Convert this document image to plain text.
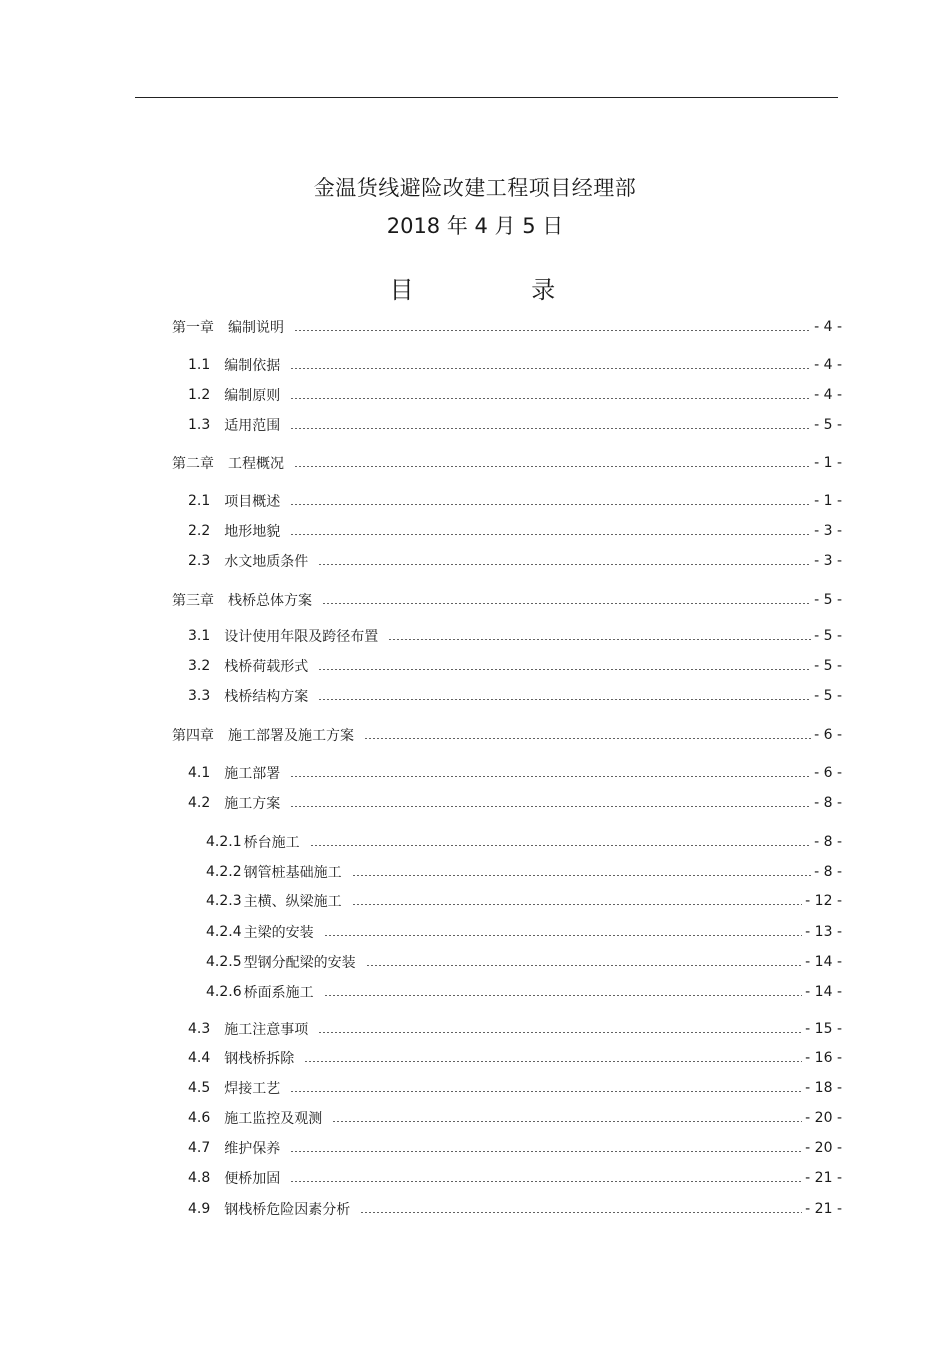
金温货线避险改建工程项目经理部
2018 年 4 月 5 日
目 录
第一章 编制说明	- 4 -
1.1 编制依据	- 4 -
1.2 编制原则	- 4 -
1.3 适用范围	- 5 -
第二章 工程概况	- 1 -
2.1 项目概述	- 1 -
2.2 地形地貌	- 3 -
2.3 水文地质条件	- 3 -
第三章 栈桥总体方案	- 5 -
3.1 设计使用年限及跨径布置	- 5 -
3.2 栈桥荷载形式	- 5 -
3.3 栈桥结构方案	- 5 -
第四章 施工部署及施工方案	- 6 -
4.1 施工部署	- 6 -
4.2 施工方案	- 8 -
4.2.1 桥台施工	- 8 -
4.2.2 钢管桩基础施工	- 8 -
4.2.3 主横、纵梁施工	- 12 -
4.2.4 主梁的安装	- 13 -
4.2.5 型钢分配梁的安装	- 14 -
4.2.6 桥面系施工	- 14 -
4.3 施工注意事项	- 15 -
4.4 钢栈桥拆除	- 16 -
4.5 焊接工艺	- 18 -
4.6 施工监控及观测	- 20 -
4.7 维护保养	- 20 -
4.8 便桥加固	- 21 -
4.9 钢栈桥危险因素分析	- 21 -
